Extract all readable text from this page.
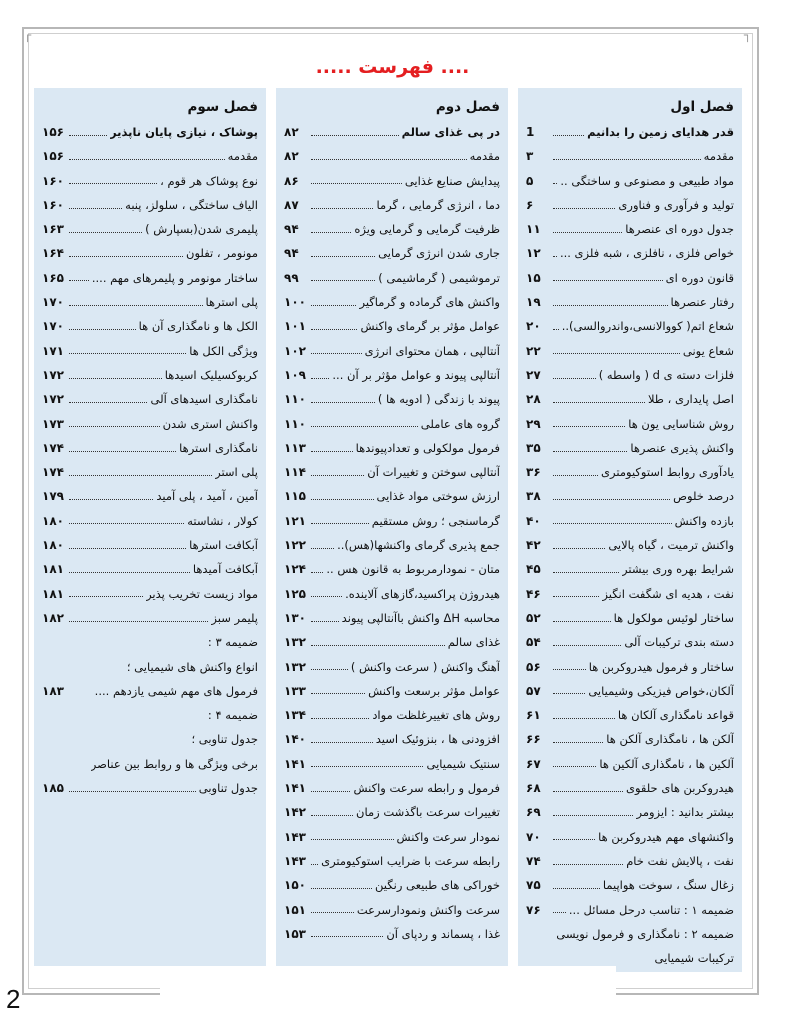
┌	┐
.... فهرست .....
فصل اول
قدر هدایای زمین را بدانیم
1
مقدمه
٣
مواد طبیعی و مصنوعی و ساختگی ..
۵
تولید و فرآوری و فناوری
۶
جدول دوره ای عنصرها
١١
خواص فلزی ، نافلزی ، شبه فلزی ...
١٢
قانون دوره ای
١۵
رفتار عنصرها
١٩
شعاع اتم( کووالانسی،واندروالسی)..
٢٠
شعاع یونی
٢٢
فلزات دسته ی d ( واسطه )
٢٧
اصل پایداری ، طلا
٢٨
روش شناسایی یون ها
٢٩
واکنش پذیری عنصرها
٣۵
یادآوری روابط استوکیومتری
٣۶
درصد خلوص
٣٨
بازده واکنش
۴٠
واکنش ترمیت ، گیاه پالایی
۴٢
شرایط بهره وری بیشتر
۴۵
نفت ، هدیه ای شگفت انگیز
۴۶
ساختار لوئیس مولکول ها
۵٢
دسته بندی ترکیبات آلی
۵۴
ساختار و فرمول هیدروکربن ها
۵۶
آلکان،خواص فیزیکی وشیمیایی
۵٧
قواعد نامگذاری آلکان ها
۶١
آلکن ها ، نامگذاری آلکن ها
۶۶
آلکین ها ، نامگذاری آلکین ها
۶٧
هیدروکربن های حلقوی
۶٨
بیشتر بدانید : ایزومر
۶٩
واکنشهای مهم هیدروکربن ها
٧٠
نفت ، پالایش نفت خام
٧۴
زغال سنگ ، سوخت هواپیما
٧۵
ضمیمه ١ : تناسب درحل مسائل ...
٧۶
ضمیمه ٢ : نامگذاری و فرمول نویسی
ترکیبات شیمیایی
فصل دوم
در پی غذای سالم
٨٢
مقدمه
٨٢
پیدایش صنایع غذایی
٨۶
دما ، انرژی گرمایی ، گرما
٨٧
ظرفیت گرمایی و گرمایی ویژه
٩۴
جاری شدن انرژی گرمایی
٩۴
ترموشیمی ( گرماشیمی )
٩٩
واکنش های گرماده و گرماگیر
١٠٠
عوامل مؤثر بر گرمای واکنش
١٠١
آنتالپی ، همان محتوای انرژی
١٠٢
آنتالپی پیوند و عوامل مؤثر بر آن ...
١٠٩
پیوند با زندگی ( ادویه ها )
١١٠
گروه های عاملی
١١٠
فرمول مولکولی و تعدادپیوندها
١١٣
آنتالپی سوختن و تغییرات آن
١١۴
ارزش سوختی مواد غذایی
١١۵
گرماسنجی ؛ روش مستقیم
١٢١
جمع پذیری گرمای واکنشها(هس)..
١٢٢
متان - نمودارمربوط به قانون هس ..
١٢۴
هیدروژن پراکسید،گازهای آلاینده.
١٢۵
محاسبه ΔH واکنش باآنتالپی پیوند
١٣٠
غذای سالم
١٣٢
آهنگ واکنش ( سرعت واکنش )
١٣٢
عوامل مؤثر برسعت واکنش
١٣٣
روش های تغییرغلظت مواد
١٣۴
افزودنی ها ، بنزوئیک اسید
١۴٠
سنتیک شیمیایی
١۴١
فرمول و رابطه سرعت واکنش
١۴١
تغییرات سرعت باگذشت زمان
١۴٢
نمودار سرعت واکنش
١۴٣
رابطه سرعت با ضرایب استوکیومتری
١۴٣
خوراکی های طبیعی رنگین
١۵٠
سرعت واکنش ونمودارسرعت
١۵١
غذا ، پسماند و ردپای آن
١۵٣
فصل سوم
پوشاک ، نیازی پایان ناپذیر
١۵۶
مقدمه
١۵۶
نوع پوشاک هر قوم ،
١۶٠
الیاف ساختگی ، سلولز، پنبه
١۶٠
پلیمری شدن(بسپارش )
١۶٣
مونومر ، تفلون
١۶۴
ساختار مونومر و پلیمرهای مهم ....
١۶۵
پلی استرها
١٧٠
الکل ها و نامگذاری آن ها
١٧٠
ویژگی الکل ها
١٧١
کربوکسیلیک اسیدها
١٧٢
نامگذاری اسیدهای آلی
١٧٢
واکنش استری شدن
١٧٣
نامگذاری استرها
١٧۴
پلی استر
١٧۴
آمین ، آمید ، پلی آمید
١٧٩
کولار ، نشاسته
١٨٠
آبکافت استرها
١٨٠
آبکافت آمیدها
١٨١
مواد زیست تخریب پذیر
١٨١
پلیمر سبز
١٨٢
ضمیمه ٣ :
انواع واکنش های شیمیایی ؛
فرمول های مهم شیمی یازدهم ....
١٨٣
ضمیمه ۴ :
جدول تناوبی ؛
برخی ویژگی ها و روابط بین عناصر
جدول تناوبی
١٨۵
2
